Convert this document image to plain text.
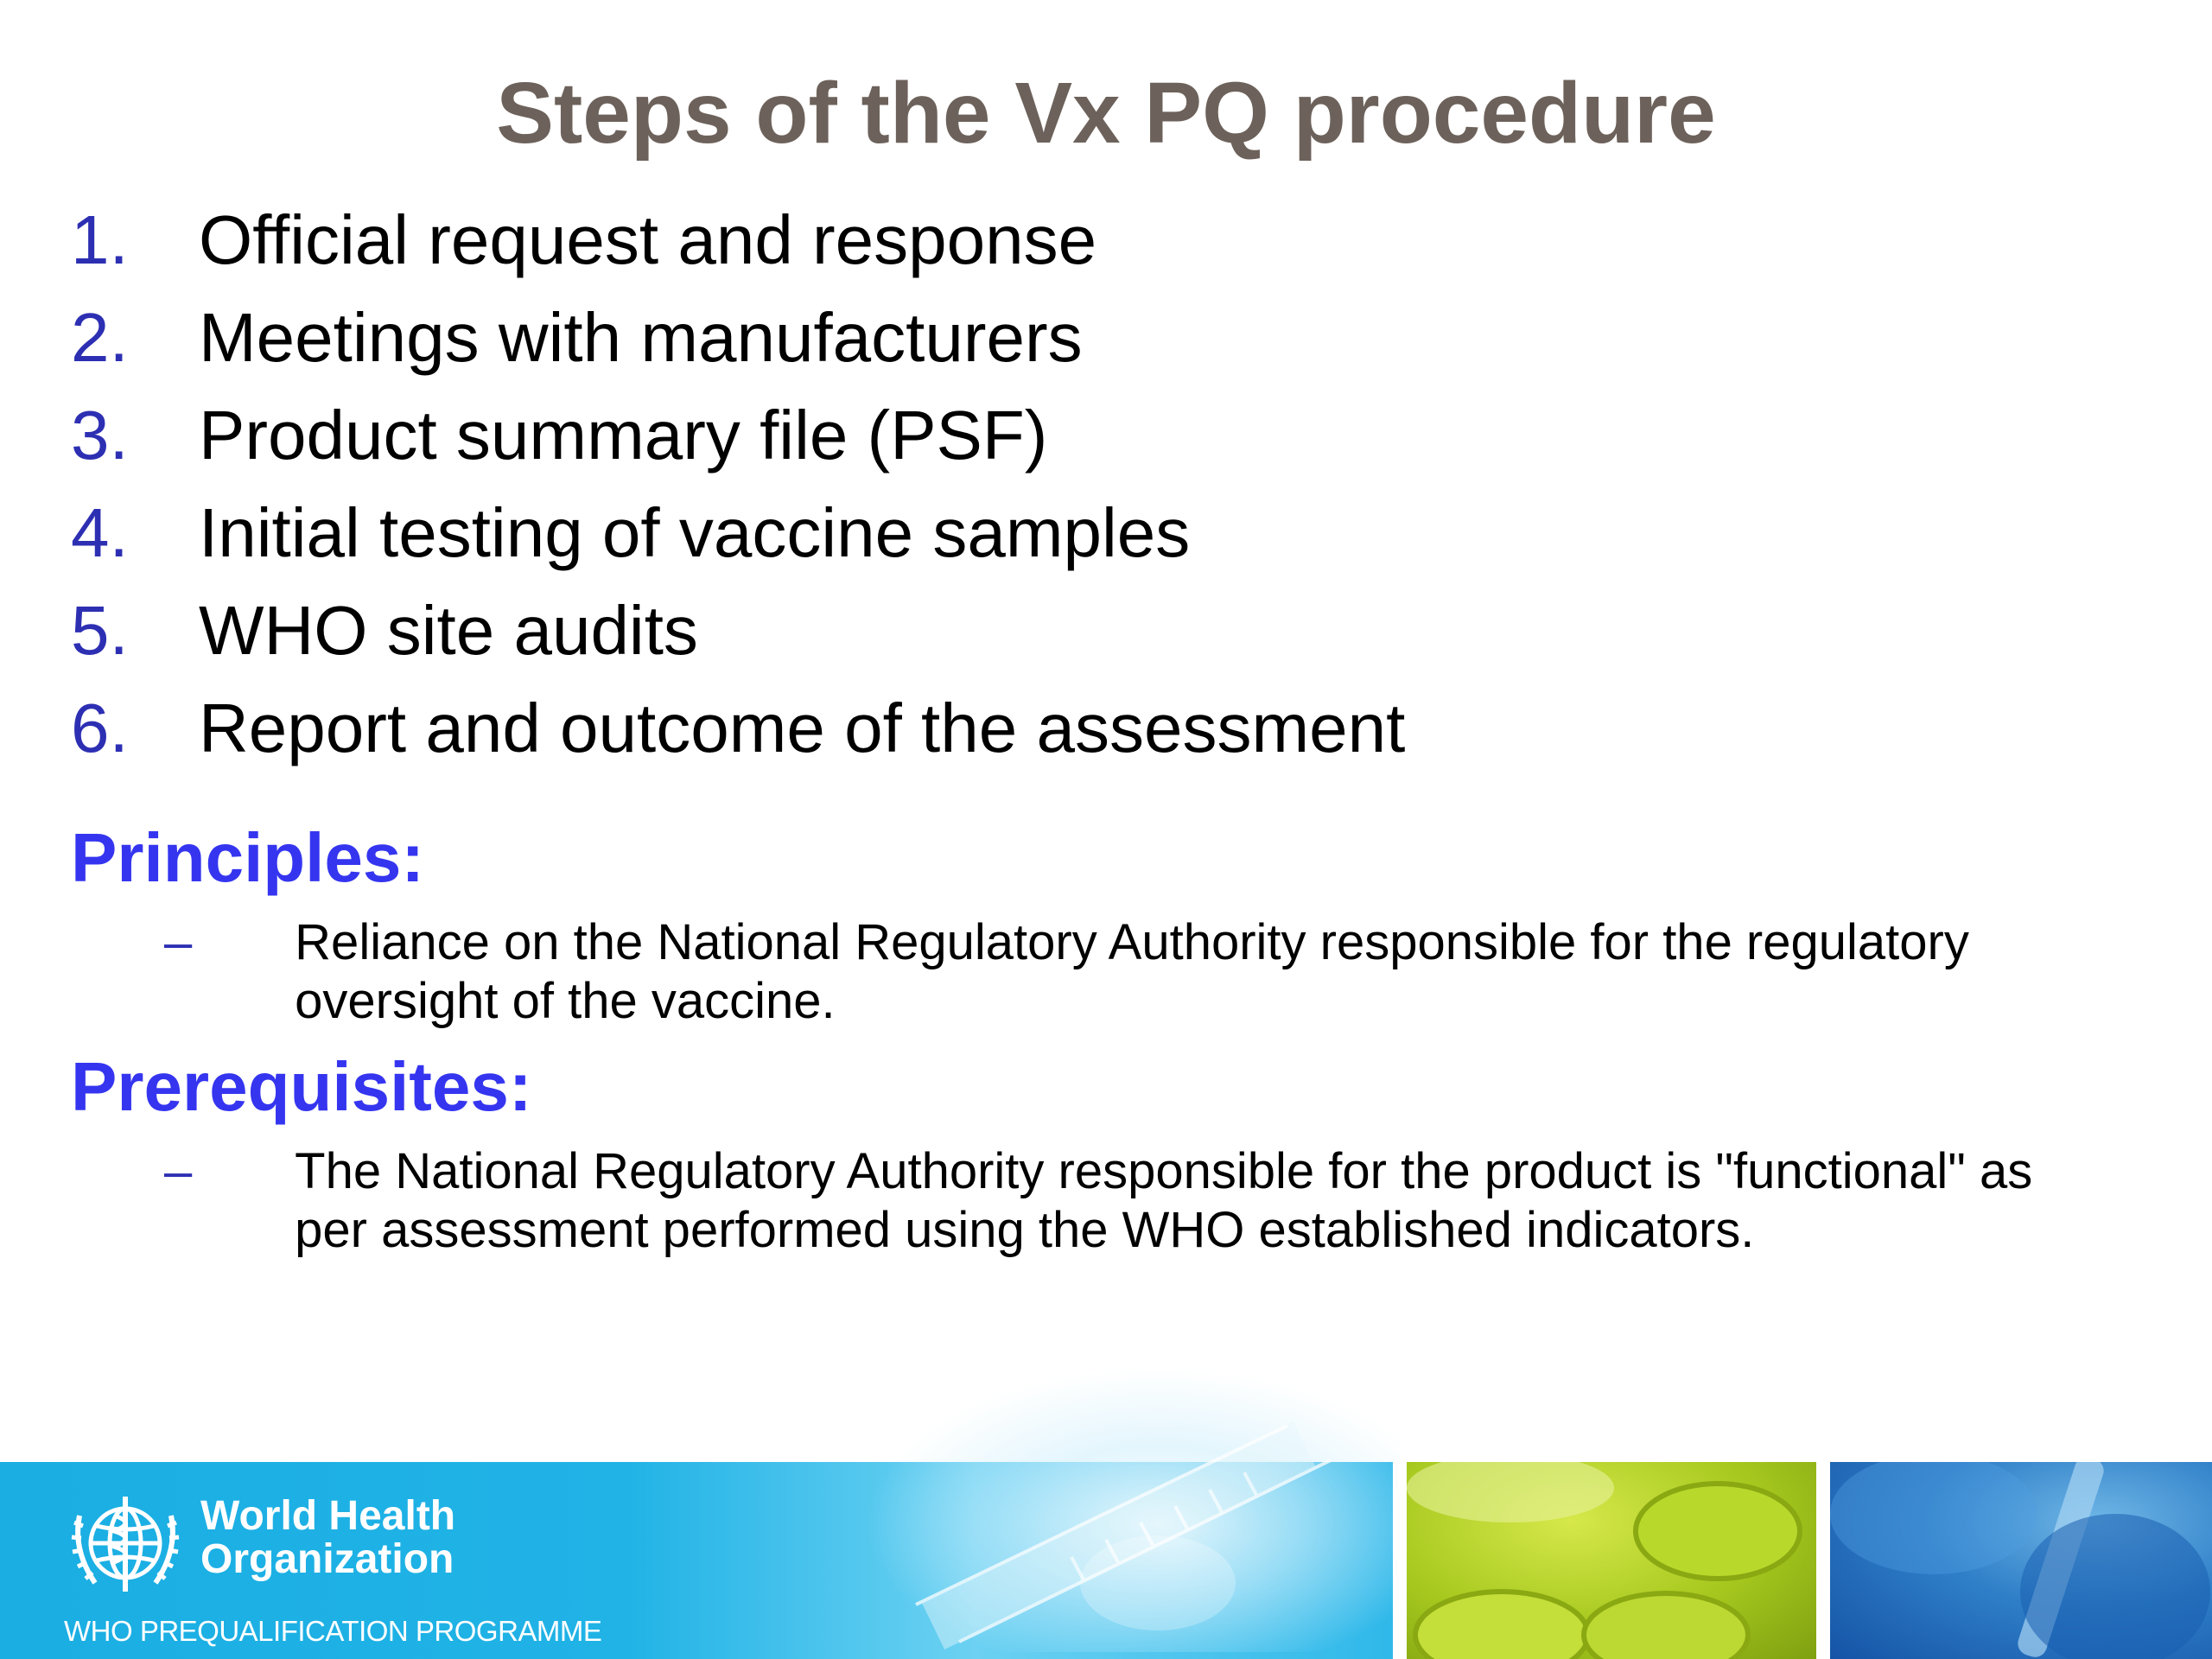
Steps of the Vx PQ procedure
1.	Official request and response
2.	Meetings with manufacturers
3.	Product summary file (PSF)
4.	Initial testing of vaccine samples
5.	WHO site audits
6.	Report and outcome of the assessment
Principles:
–	Reliance on the National Regulatory Authority responsible for the regulatory oversight of the vaccine.
Prerequisites:
–	The National Regulatory Authority responsible for the product is "functional" as per assessment performed using the WHO established indicators.
World Health
Organization
WHO PREQUALIFICATION PROGRAMME
